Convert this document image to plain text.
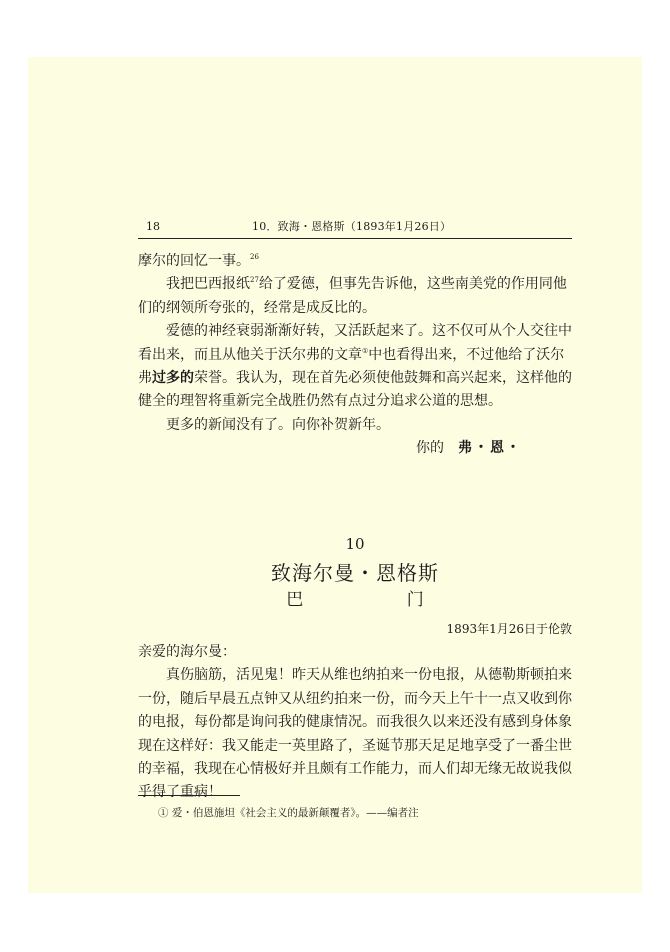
18	10．致海・恩格斯（1893年1月26日）

摩尔的回忆一事。$^{26}$

我把巴西报纸$^{27}$给了爱德，但事先告诉他，这些南美党的作用同他们的纲领所夸张的，经常是成反比的。

爱德的神经衰弱渐渐好转，又活跃起来了。这不仅可从个人交往中看出来，而且从他关于沃尔弗的文章①中也看得出来，不过他给了沃尔弗过多的荣誉。我认为，现在首先必须使他鼓舞和高兴起来，这样他的健全的理智将重新完全战胜仍然有点过分追求公道的思想。

更多的新闻没有了。向你补贺新年。

你的 弗・恩・

10
致海尔曼・恩格斯
巴 门
1893年1月26日于伦敦

亲爱的海尔曼：

真伤脑筋，活见鬼！昨天从维也纳拍来一份电报，从德勒斯顿拍来一份，随后早晨五点钟又从纽约拍来一份，而今天上午十一点又收到你的电报，每份都是询问我的健康情况。而我很久以来还没有感到身体象现在这样好：我又能走一英里路了，圣诞节那天足足地享受了一番尘世的幸福，我现在心情极好并且颇有工作能力，而人们却无缘无故说我似乎得了重病！

① 爱・伯恩施坦《社会主义的最新颠覆者》。——编者注
